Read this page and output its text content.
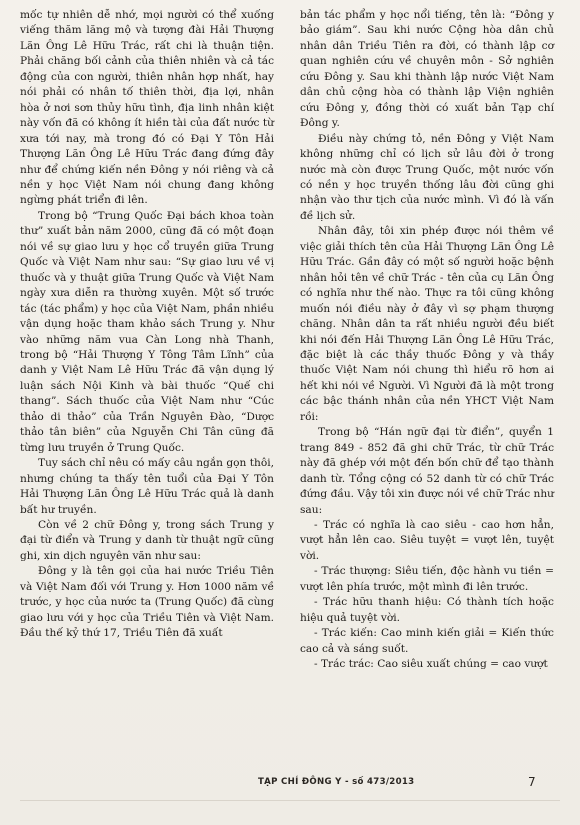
mốc tự nhiên dễ nhớ, mọi người có thể xuống viếng thăm lăng mộ và tượng đài Hải Thượng Lãn Ông Lê Hữu Trác, rất chi là thuận tiện. Phải chăng bối cảnh của thiên nhiên và cả tác động của con người, thiên nhân hợp nhất, hay nói phải có nhân tố thiên thời, địa lợi, nhân hòa ở nơi sơn thủy hữu tình, địa linh nhân kiệt này vốn đã có không ít hiền tài của đất nước từ xưa tới nay, mà trong đó có Đại Y Tôn Hải Thượng Lãn Ông Lê Hữu Trác đang đứng đây như để chứng kiến nền Đông y nói riêng và cả nền y học Việt Nam nói chung đang không ngừng phát triển đi lên.

Trong bộ “Trung Quốc Đại bách khoa toàn thư” xuất bản năm 2000, cũng đã có một đoạn nói về sự giao lưu y học cổ truyền giữa Trung Quốc và Việt Nam như sau: “Sự giao lưu về vị thuốc và y thuật giữa Trung Quốc và Việt Nam ngày xưa diễn ra thường xuyên. Một số trước tác (tác phẩm) y học của Việt Nam, phần nhiều vận dụng hoặc tham khảo sách Trung y. Như vào những năm vua Càn Long nhà Thanh, trong bộ “Hải Thượng Y Tông Tâm Lĩnh” của danh y Việt Nam Lê Hữu Trác đã vận dụng lý luận sách Nội Kinh và bài thuốc “Quế chi thang”. Sách thuốc của Việt Nam như “Cúc thảo di thảo” của Trần Nguyên Đào, “Dược thảo tân biên” của Nguyễn Chi Tân cũng đã từng lưu truyền ở Trung Quốc.

Tuy sách chỉ nêu có mấy câu ngắn gọn thôi, nhưng chúng ta thấy tên tuổi của Đại Y Tôn Hải Thượng Lãn Ông Lê Hữu Trác quả là danh bất hư truyền.

Còn về 2 chữ Đông y, trong sách Trung y đại từ điển và Trung y danh từ thuật ngữ cũng ghi, xin dịch nguyên văn như sau:

Đông y là tên gọi của hai nước Triều Tiên và Việt Nam đối với Trung y. Hơn 1000 năm về trước, y học của nước ta (Trung Quốc) đã cùng giao lưu với y học của Triều Tiên và Việt Nam. Đầu thế kỷ thứ 17, Triều Tiên đã xuất

bản tác phẩm y học nổi tiếng, tên là: “Đông y bảo giám”. Sau khi nước Cộng hòa dân chủ nhân dân Triều Tiên ra đời, có thành lập cơ quan nghiên cứu về chuyên môn - Sở nghiên cứu Đông y. Sau khi thành lập nước Việt Nam dân chủ cộng hòa có thành lập Viện nghiên cứu Đông y, đồng thời có xuất bản Tạp chí Đông y.

Điều này chứng tỏ, nền Đông y Việt Nam không những chỉ có lịch sử lâu đời ở trong nước mà còn được Trung Quốc, một nước vốn có nền y học truyền thống lâu đời cũng ghi nhận vào thư tịch của nước mình. Vì đó là vấn đề lịch sử.

Nhân đây, tôi xin phép được nói thêm về việc giải thích tên của Hải Thượng Lãn Ông Lê Hữu Trác. Gần đây có một số người hoặc bệnh nhân hỏi tên về chữ Trác - tên của cụ Lãn Ông có nghĩa như thế nào. Thực ra tôi cũng không muốn nói điều này ở đây vì sợ phạm thượng chăng. Nhân dân ta rất nhiều người đều biết khi nói đến Hải Thượng Lãn Ông Lê Hữu Trác, đặc biệt là các thầy thuốc Đông y và thầy thuốc Việt Nam nói chung thì hiểu rõ hơn ai hết khi nói về Người. Vì Người đã là một trong các bậc thánh nhân của nền YHCT Việt Nam rồi:

Trong bộ “Hán ngữ đại từ điển”, quyển 1 trang 849 - 852 đã ghi chữ Trác, từ chữ Trác này đã ghép với một đến bốn chữ để tạo thành danh từ. Tổng cộng có 52 danh từ có chữ Trác đứng đầu. Vậy tôi xin được nói về chữ Trác như sau:

- Trác có nghĩa là cao siêu - cao hơn hẳn, vượt hẳn lên cao. Siêu tuyệt = vượt lên, tuyệt vời.

- Trác thượng: Siêu tiến, độc hành vu tiền = vượt lên phía trước, một mình đi lên trước.

- Trác hữu thanh hiệu: Có thành tích hoặc hiệu quả tuyệt vời.

- Trác kiến: Cao minh kiến giải = Kiến thức cao cả và sáng suốt.

- Trác trác: Cao siêu xuất chúng = cao vượt

TẠP CHÍ ĐÔNG Y - số 473/2013	7
